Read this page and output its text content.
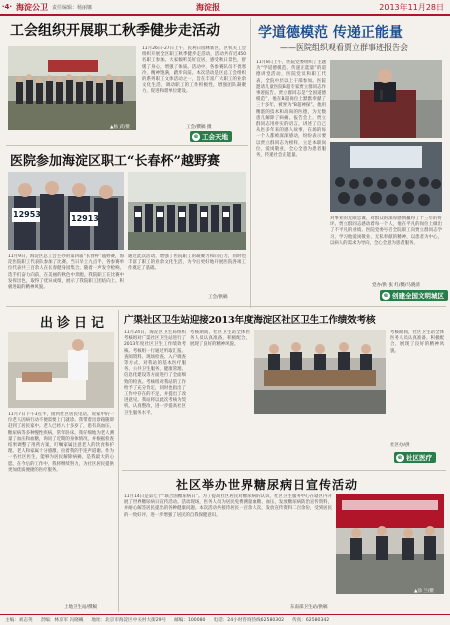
·4· 海淀公卫 责任编辑：杨丽娜	海淀报	2013年11月28日
工会组织开展职工秋季健步走活动
▲杨 武/摄
11月26日-27日上午，民利日园林新区，区机关工会组织开展全区职工秋季健步走活动，活动共有近450名职工参加。大家倾听美好宜居，感受秋日景色，舒缓了身心，增强了体质。活动中，各参赛队员不畏寒冷，精神饱满，踏步向前。本次活动是区总工会组织的系列职工文体活动之一，旨在丰富广大职工的业余文化生活，调动职工的工作积极性，增强团队凝聚力，促进和谐单位建设。
工会/撰稿 摄
e 工会天地
医院参加海淀区职工“长春杯”越野赛
12953	12913
11月9日，海淀区总工会主办的第四届“长春杯”越野赛，海淀医院职工代表队参加了比赛。当日早上九点半，各参赛单位代表共三百余人在长春健身园集合，随着一声发令枪响，选手们奋力向前，在美丽的秋色中奔跑。我院职工在比赛中发挥出色，取得了优异成绩，展示了我院职工团结向上、积极进取的精神风貌。
通过此次活动，增强了医院职工的凝聚力和向心力，同时也丰富了职工的业余文化生活，为今后更好地开展医院各项工作奠定了基础。
工会/供稿
学道德模范 传递正能量
——医院组织观看贾立群事迹报告会
11月8日上午，医院党委组织了主题为“学道德模范、传递正能量”的道德讲堂活动，医院党员和职工代表，全院中层以上干部参加。医院邀请儿童医院B超专家贾立群同志作事迹报告。贾立群同志是“全国道德模范”，他在B超岗位上默默奉献了三十多年，被誉为“B超神探”。他用精湛的技术和高尚的医德，为无数患儿解除了病痛。报告会上，贾立群同志用朴实的语言，讲述了自己从医多年来的感人故事，在场的每一个人都被深深感动，纷纷表示要以贾立群同志为榜样，立足本职岗位，爱岗敬业，全心全意为患者服务，传递社会正能量。
对事业的无限忠诚，对群众的深厚感情赢得了十三年的好评。贾立群同志感动着每一个人，他在平凡的岗位上做出了不平凡的业绩。医院党委号召全院职工向贾立群同志学习，学习他爱岗敬业、无私奉献的精神，以患者为中心，以病人的需求为导向，全心全意为患者服务。
党办/供 张 红/摄/马晓清
e 创建全国文明城区
出诊日记
11月7日下午3点半，接到社区居民电话，说家中的一位老人因病行动不便需要上门就诊。我带着出诊箱随即赶到了居民家中。老人已经八十多岁了，患有高血压、糖尿病等多种慢性疾病，常年卧床。我仔细地为老人测量了血压和血糖，询问了近期的身体情况，并根据检查结果调整了用药方案，叮嘱家属注意老人的饮食和护理。老人和家属十分感激，拉着我的手连声道谢。作为一名社区医生，能够为居民解除病痛，是我最大的心愿。在今后的工作中，我将继续努力，为社区居民提供更加优质便捷的医疗服务。
上地卫生站/撰稿
广渠社区卫生站迎接2013年度海淀区社区卫生工作绩效考核
11月24日，海淀区卫生局组织考核组对广渠社区卫生站进行了2013年度社区卫生工作绩效考核。考核组一行通过听取汇报、查阅资料、现场检查、入户调查等方式，对我站的基本医疗服务、公共卫生服务、健康管理、信息化建设等方面进行了全面细致的检查。考核组对我站的工作给予了充分肯定，同时也指出了工作中存在的不足，并提出了改进意见。我站将以此次考核为契机，认真整改，进一步提高社区卫生服务水平。
考核期间，社区卫生站全体医务人员认真准备，积极配合，展现了良好的精神风貌。
考核期间，社区卫生站全体医务人员认真准备，积极配合，展现了良好的精神风貌。
社区办/供
e 社区医疗
社区举办世界糖尿病日宣传活动
11月14日是第七个“联合国糖尿病日”。为了提高社区居民对糖尿病的认识，社区卫生服务中心在辖区内开展了世界糖尿病日宣传活动。活动现场，医务人员为居民免费测量血糖、血压，发放糖尿病防治宣传资料，并耐心解答居民提出的各种健康问题。本次活动共接待居民一百余人次，发放宣传资料二百余份，受到居民的一致好评，进一步增强了居民的自我保健意识。
▲徐 兰/摄
东南部卫生站/供稿
主编：刘志英 责编：林京军 冯晓曦 地址：北京市海淀区中关村大街29号 邮编：100080 电话：24小时咨询热线62580302 传真：62580342
